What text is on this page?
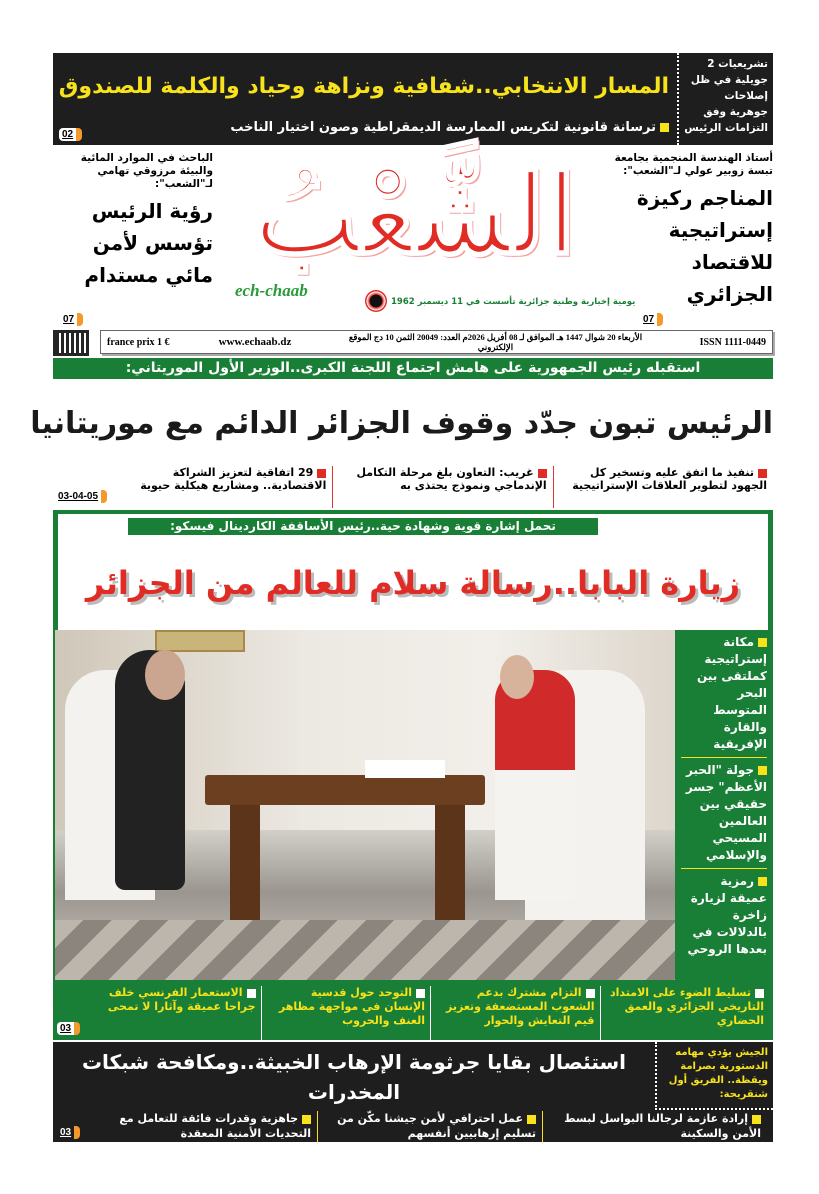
تشريعيات 2 جويلية في ظل إصلاحات جوهرية وفق التزامات الرئيس
المسار الانتخابي..شفافية ونزاهة وحياد والكلمة للصندوق
ترسانة قانونية لتكريس الممارسة الديمقراطية وصون اختيار الناخب
02
الباحث في الموارد المائية والبيئة مرزوقي تهامي لـ"الشعب":
رؤية الرئيس تؤسس لأمن مائي مستدام
07
أستاذ الهندسة المنجمية بجامعة تبسة زوبير عولي لـ"الشعب":
المناجم ركيزة إستراتيجية للاقتصاد الجزائري
07
الشَّعْبُ
ech-chaab
يومية إخبارية وطنية جزائرية تأسست في 11 ديسمبر 1962
france prix 1 €	www.echaab.dz	الأربعاء 20 شوال 1447 هـ الموافق لـ 08 أفريل 2026م العدد: 20049 الثمن 10 دج الموقع الإلكتروني	ISSN 1111-0449
استقبله رئيس الجمهورية على هامش اجتماع اللجنة الكبرى..الوزير الأول الموريتاني:
الرئيس تبون جدّد وقوف الجزائر الدائم مع موريتانيا
تنفيذ ما اتفق عليه وتسخير كل الجهود لتطوير العلاقات الإستراتيجية
غريب: التعاون بلغ مرحلة التكامل الإندماجي ونموذج يحتذى به
29 اتفاقية لتعزيز الشراكة الاقتصادية.. ومشاريع هيكلية حيوية
03-04-05
تحمل إشارة قوية وشهادة حية..رئيس الأساقفة الكاردينال فيسكو:
زيارة البابا..رسالة سلام للعالم من الجزائر
مكانة إستراتيجية كملتقى بين البحر المتوسط والقارة الإفريقية
جولة "الحبر الأعظم" جسر حقيقي بين العالمين المسيحي والإسلامي
رمزية عميقة لزيارة زاخرة بالدلالات في بعدها الروحي
تسليط الضوء على الامتداد التاريخي الجزائري والعمق الحضاري
التزام مشترك بدعم الشعوب المستضعفة وتعزيز قيم التعايش والحوار
التوحد حول قدسية الإنسان في مواجهة مظاهر العنف والحروب
الاستعمار الفرنسي خلف جراحا عميقة وآثارا لا تمحى
03
الجيش يؤدي مهامه الدستورية بصرامة ويقظة.. الفريق أول شنقريحة:
استئصال بقايا جرثومة الإرهاب الخبيثة..ومكافحة شبكات المخدرات
إرادة عازمة لرجالنا البواسل لبسط الأمن والسكينة
عمل احترافي لأمن جيشنا مكّن من تسليم إرهابيين أنفسهم
جاهزية وقدرات فائقة للتعامل مع التحديات الأمنية المعقدة
03
